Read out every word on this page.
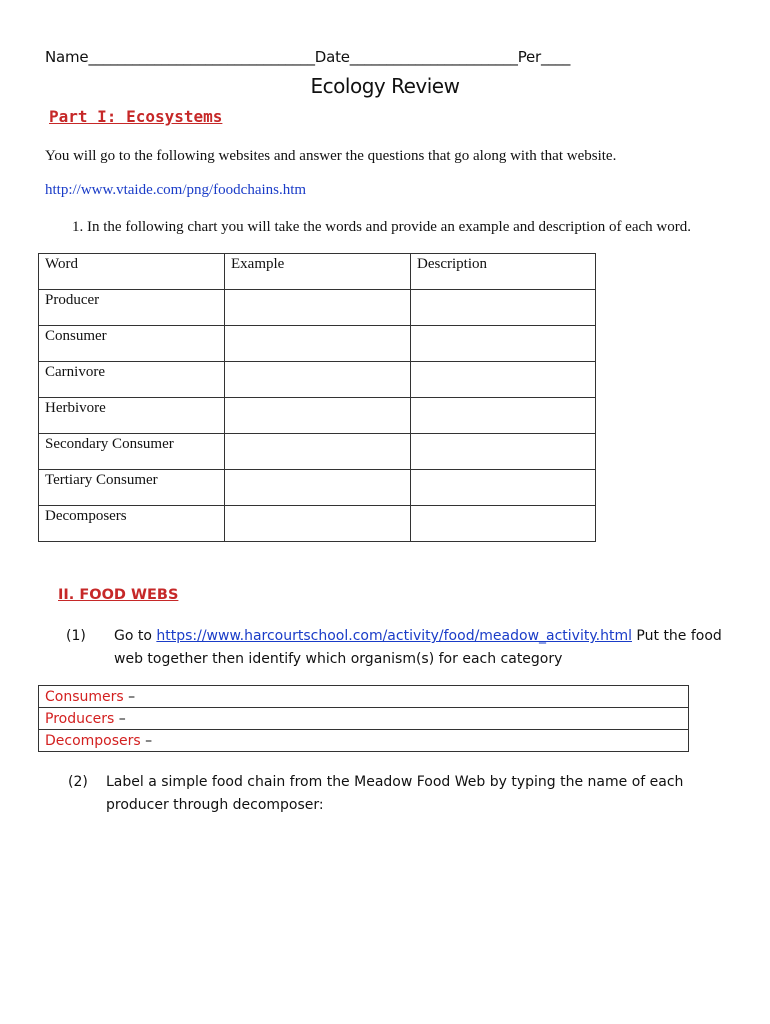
Name_______________________________Date_______________________Per____
Ecology Review
Part I: Ecosystems
You will go to the following websites and answer the questions that go along with that website.
http://www.vtaide.com/png/foodchains.htm
1. In the following chart you will take the words and provide an example and description of each word.
Word	Example	Description
Producer		
Consumer		
Carnivore		
Herbivore		
Secondary Consumer		
Tertiary Consumer		
Decomposers		
II. FOOD WEBS
(1) Go to https://www.harcourtschool.com/activity/food/meadow_activity.html Put the food web together then identify which organism(s) for each category
Consumers –
Producers –
Decomposers –
(2) Label a simple food chain from the Meadow Food Web by typing the name of each producer through decomposer:
